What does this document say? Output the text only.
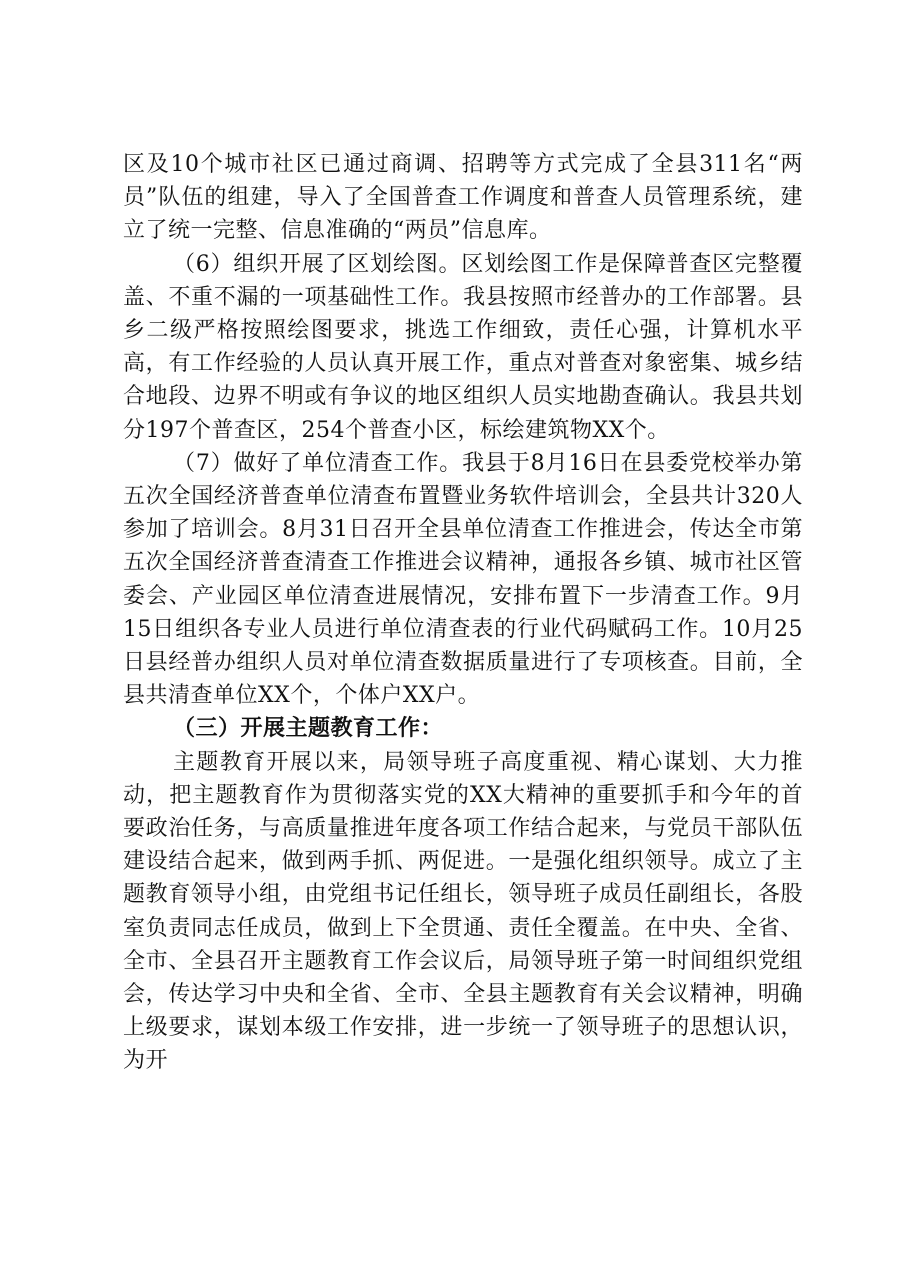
区及10个城市社区已通过商调、招聘等方式完成了全县311名“两员”队伍的组建，导入了全国普查工作调度和普查人员管理系统，建立了统一完整、信息准确的“两员”信息库。

（6）组织开展了区划绘图。区划绘图工作是保障普查区完整覆盖、不重不漏的一项基础性工作。我县按照市经普办的工作部署。县乡二级严格按照绘图要求，挑选工作细致，责任心强，计算机水平高，有工作经验的人员认真开展工作，重点对普查对象密集、城乡结合地段、边界不明或有争议的地区组织人员实地勘查确认。我县共划分197个普查区，254个普查小区，标绘建筑物XX个。

（7）做好了单位清查工作。我县于8月16日在县委党校举办第五次全国经济普查单位清查布置暨业务软件培训会，全县共计320人参加了培训会。8月31日召开全县单位清查工作推进会，传达全市第五次全国经济普查清查工作推进会议精神，通报各乡镇、城市社区管委会、产业园区单位清查进展情况，安排布置下一步清查工作。9月15日组织各专业人员进行单位清查表的行业代码赋码工作。10月25日县经普办组织人员对单位清查数据质量进行了专项核查。目前，全县共清查单位XX个，个体户XX户。

（三）开展主题教育工作：

主题教育开展以来，局领导班子高度重视、精心谋划、大力推动，把主题教育作为贯彻落实党的XX大精神的重要抓手和今年的首要政治任务，与高质量推进年度各项工作结合起来，与党员干部队伍建设结合起来，做到两手抓、两促进。一是强化组织领导。成立了主题教育领导小组，由党组书记任组长，领导班子成员任副组长，各股室负责同志任成员，做到上下全贯通、责任全覆盖。在中央、全省、全市、全县召开主题教育工作会议后，局领导班子第一时间组织党组会，传达学习中央和全省、全市、全县主题教育有关会议精神，明确上级要求，谋划本级工作安排，进一步统一了领导班子的思想认识，为开
